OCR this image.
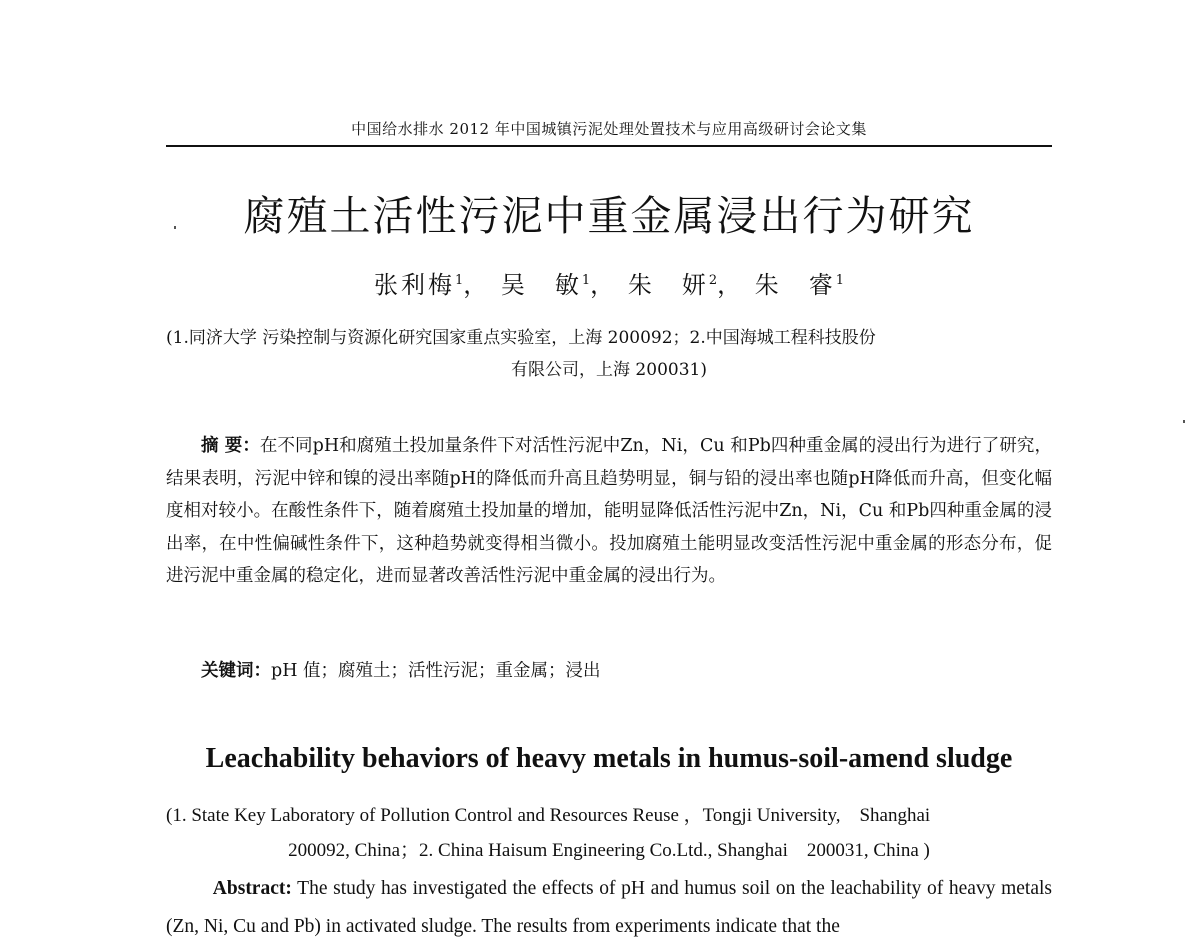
中国给水排水 2012 年中国城镇污泥处理处置技术与应用高级研讨会论文集
腐殖土活性污泥中重金属浸出行为研究
张利梅$^1$， 吴　敏$^1$， 朱　妍$^2$， 朱　睿$^1$
(1.同济大学 污染控制与资源化研究国家重点实验室，上海 200092；2.中国海城工程科技股份
有限公司，上海 200031)

摘 要：在不同pH和腐殖土投加量条件下对活性污泥中Zn，Ni，Cu 和Pb四种重金属的浸出行为进行了研究，结果表明，污泥中锌和镍的浸出率随pH的降低而升高且趋势明显，铜与铅的浸出率也随pH降低而升高，但变化幅度相对较小。在酸性条件下，随着腐殖土投加量的增加，能明显降低活性污泥中Zn，Ni，Cu 和Pb四种重金属的浸出率，在中性偏碱性条件下，这种趋势就变得相当微小。投加腐殖土能明显改变活性污泥中重金属的形态分布，促进污泥中重金属的稳定化，进而显著改善活性污泥中重金属的浸出行为。

关键词：pH 值；腐殖土；活性污泥；重金属；浸出
Leachability behaviors of heavy metals in humus-soil-amend sludge
(1. State Key Laboratory of Pollution Control and Resources Reuse ，Tongji University,　Shanghai
200092, China；2. China Haisum Engineering Co.Ltd., Shanghai　200031, China )

Abstract: The study has investigated the effects of pH and humus soil on the leachability of heavy metals (Zn, Ni, Cu and Pb) in activated sludge. The results from experiments indicate that the
